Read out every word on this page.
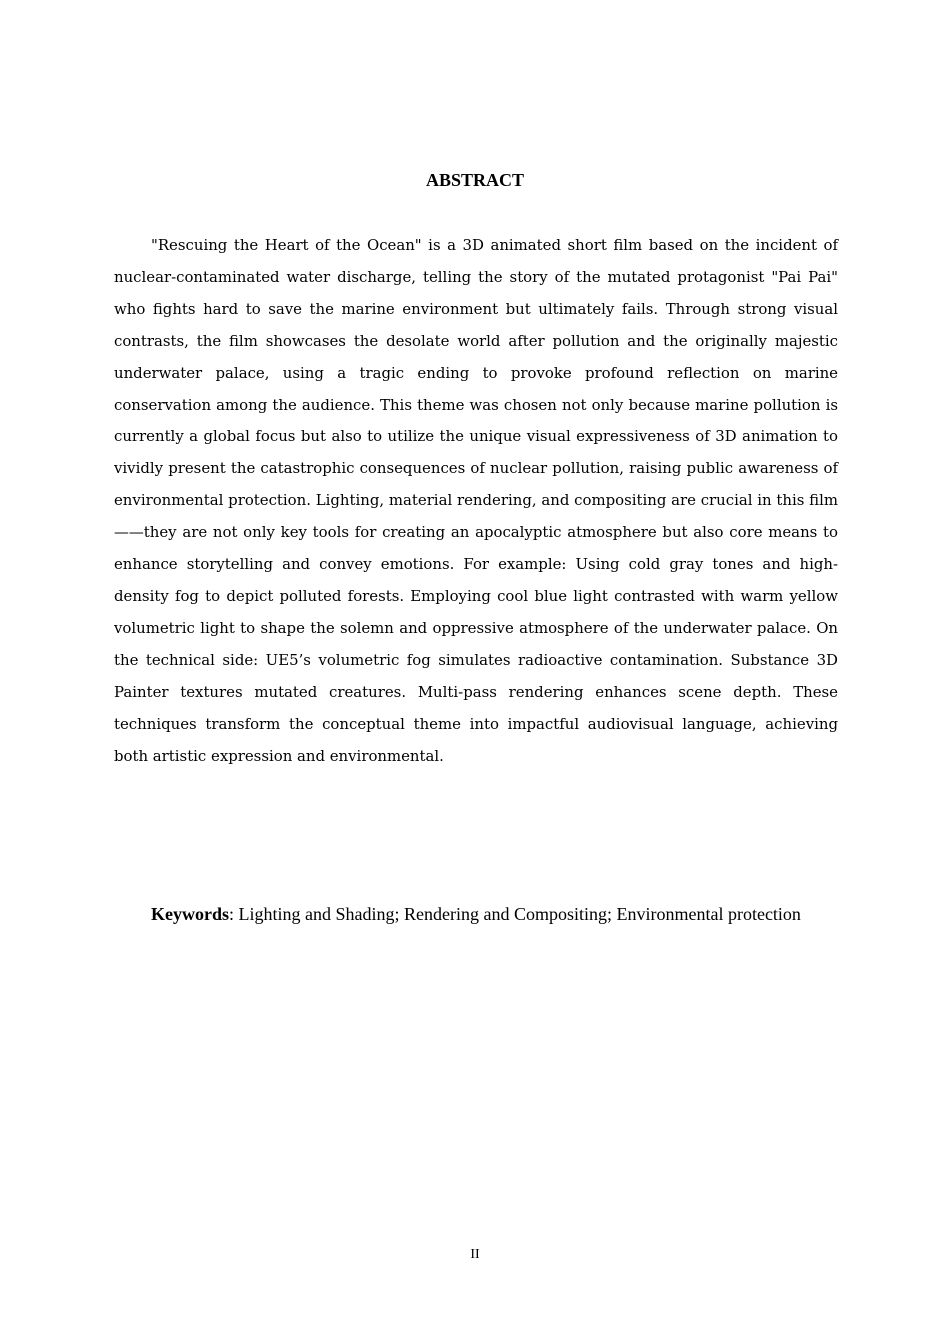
ABSTRACT

"Rescuing the Heart of the Ocean" is a 3D animated short film based on the incident of nuclear-contaminated water discharge, telling the story of the mutated protagonist "Pai Pai" who fights hard to save the marine environment but ultimately fails. Through strong visual contrasts, the film showcases the desolate world after pollution and the originally majestic underwater palace, using a tragic ending to provoke profound reflection on marine conservation among the audience. This theme was chosen not only because marine pollution is currently a global focus but also to utilize the unique visual expressiveness of 3D animation to vividly present the catastrophic consequences of nuclear pollution, raising public awareness of environmental protection. Lighting, material rendering, and compositing are crucial in this film——they are not only key tools for creating an apocalyptic atmosphere but also core means to enhance storytelling and convey emotions. For example: Using cold gray tones and high-density fog to depict polluted forests. Employing cool blue light contrasted with warm yellow volumetric light to shape the solemn and oppressive atmosphere of the underwater palace. On the technical side: UE5’s volumetric fog simulates radioactive contamination. Substance 3D Painter textures mutated creatures. Multi-pass rendering enhances scene depth. These techniques transform the conceptual theme into impactful audiovisual language, achieving both artistic expression and environmental.

Keywords: Lighting and Shading; Rendering and Compositing; Environmental protection

II
